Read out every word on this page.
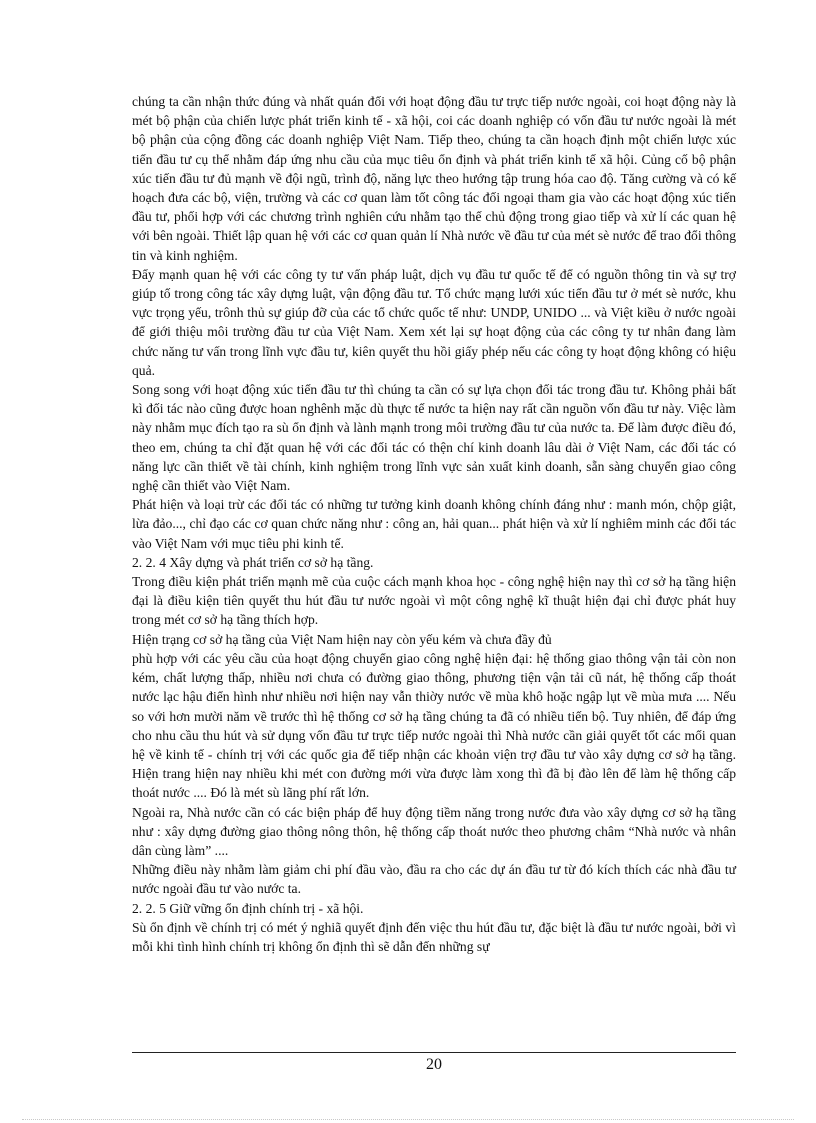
chúng ta cần nhận thức đúng và nhất quán đối với hoạt động đầu tư trực tiếp nước ngoài, coi hoạt động này là mét bộ phận của chiến lược phát triển kinh tế - xã hội, coi các doanh nghiệp có vốn đầu tư nước ngoài là mét bộ phận của cộng đồng các doanh nghiệp Việt Nam. Tiếp theo, chúng ta cần hoạch định một chiến lược xúc tiến đầu tư cụ thể nhằm đáp ứng nhu cầu của mục tiêu ổn định và phát triển kinh tế xã hội. Củng cố bộ phận xúc tiến đầu tư đủ mạnh về đội ngũ, trình độ, năng lực theo hướng tập trung hóa cao độ. Tăng cường và có kế hoạch đưa các bộ, viện, trường và các cơ quan làm tốt công tác đối ngoại tham gia vào các hoạt động xúc tiến đầu tư, phối hợp với các chương trình nghiên cứu nhằm tạo thế chủ động trong giao tiếp và xử lí các quan hệ với bên ngoài. Thiết lập quan hệ với các cơ quan quản lí Nhà nước về đầu tư của mét sè nước để trao đổi thông tin và kinh nghiệm.

Đẩy mạnh quan hệ với các công ty tư vấn pháp luật, dịch vụ đầu tư quốc tế để có nguồn thông tin và sự trợ giúp tố trong công tác xây dựng luật, vận động đầu tư. Tổ chức mạng lưới xúc tiến đầu tư ở mét sè nước, khu vực trọng yếu, trônh thủ sự giúp đỡ của các tổ chức quốc tế như: UNDP, UNIDO ... và Việt kiều ở nước ngoài để giới thiệu môi trường đầu tư của Việt Nam. Xem xét lại sự hoạt động của các công ty tư nhân đang làm chức năng tư vấn trong lĩnh vực đầu tư, kiên quyết thu hồi giấy phép nếu các công ty hoạt động không có hiệu quả.

Song song với hoạt động xúc tiến đầu tư thì chúng ta cần có sự lựa chọn đối tác trong đầu tư. Không phải bất kì đối tác nào cũng được hoan nghênh mặc dù thực tế nước ta hiện nay rất cần nguồn vốn đầu tư này. Việc làm này nhằm mục đích tạo ra sù ổn định và lành mạnh trong môi trường đầu tư của nước ta. Để làm được điều đó, theo em, chúng ta chỉ đặt quan hệ với các đối tác có thện chí kinh doanh lâu dài ở Việt Nam, các đối tác có năng lực cần thiết về tài chính, kinh nghiệm trong lĩnh vực sản xuất kinh doanh, sẵn sàng chuyển giao công nghệ cần thiết vào Việt Nam.

Phát hiện và loại trừ các đối tác có những tư tưởng kinh doanh không chính đáng như : manh món, chộp giật, lừa đảo..., chỉ đạo các cơ quan chức năng như : công an, hải quan... phát hiện và xử lí nghiêm minh các đối tác vào Việt Nam với mục tiêu phi kinh tế.

2. 2. 4 Xây dựng và phát triển cơ sở hạ tầng.

Trong điều kiện phát triển mạnh mẽ của cuộc cách mạnh khoa học - công nghệ hiện nay thì cơ sở hạ tầng hiện đại là điều kiện tiên quyết thu hút đầu tư nước ngoài vì một công nghệ kĩ thuật hiện đại chỉ được phát huy trong mét cơ sở hạ tầng thích hợp.

Hiện trạng cơ sở hạ tầng của Việt Nam hiện nay còn yếu kém và chưa đầy đủ

phù hợp với các yêu cầu của hoạt động chuyển giao công nghệ hiện đại: hệ thống giao thông vận tải còn non kém, chất lượng thấp, nhiều nơi chưa có đường giao thông, phương tiện vận tải cũ nát, hệ thống cấp thoát nước lạc hậu điển hình như nhiều nơi hiện nay vẫn thiờy nước về mùa khô hoặc ngập lụt về mùa mưa .... Nếu so với hơn mười năm về trước thì hệ thống cơ sở hạ tầng chúng ta đã có nhiều tiến bộ. Tuy nhiên, để đáp ứng cho nhu cầu thu hút và sử dụng vốn đầu tư trực tiếp nước ngoài thì Nhà nước cần giải quyết tốt các mối quan hệ về kinh tế - chính trị với các quốc gia để tiếp nhận các khoản viện trợ đầu tư vào xây dựng cơ sở hạ tầng. Hiện trang hiện nay nhiều khi mét con đường mới vừa được làm xong thì đã bị đào lên để làm hệ thống cấp thoát nước .... Đó là mét sù lãng phí rất lớn.

Ngoài ra, Nhà nước cần có các biện pháp để huy động tiềm năng trong nước đưa vào xây dựng cơ sở hạ tầng như : xây dựng đường giao thông nông thôn, hệ thống cấp thoát nước theo phương châm “Nhà nước và nhân dân cùng làm” ....

Những điều này nhằm làm giảm chi phí đầu vào, đầu ra cho các dự án đầu tư từ đó kích thích các nhà đầu tư nước ngoài đầu tư vào nước ta.

2. 2. 5 Giữ vững ổn định chính trị - xã hội.

Sù ổn định về chính trị có mét ý nghiã quyết định đến việc thu hút đầu tư, đặc biệt là đầu tư nước ngoài, bởi vì mỗi khi tình hình chính trị không ổn định thì sẽ dẫn đến những sự

20
